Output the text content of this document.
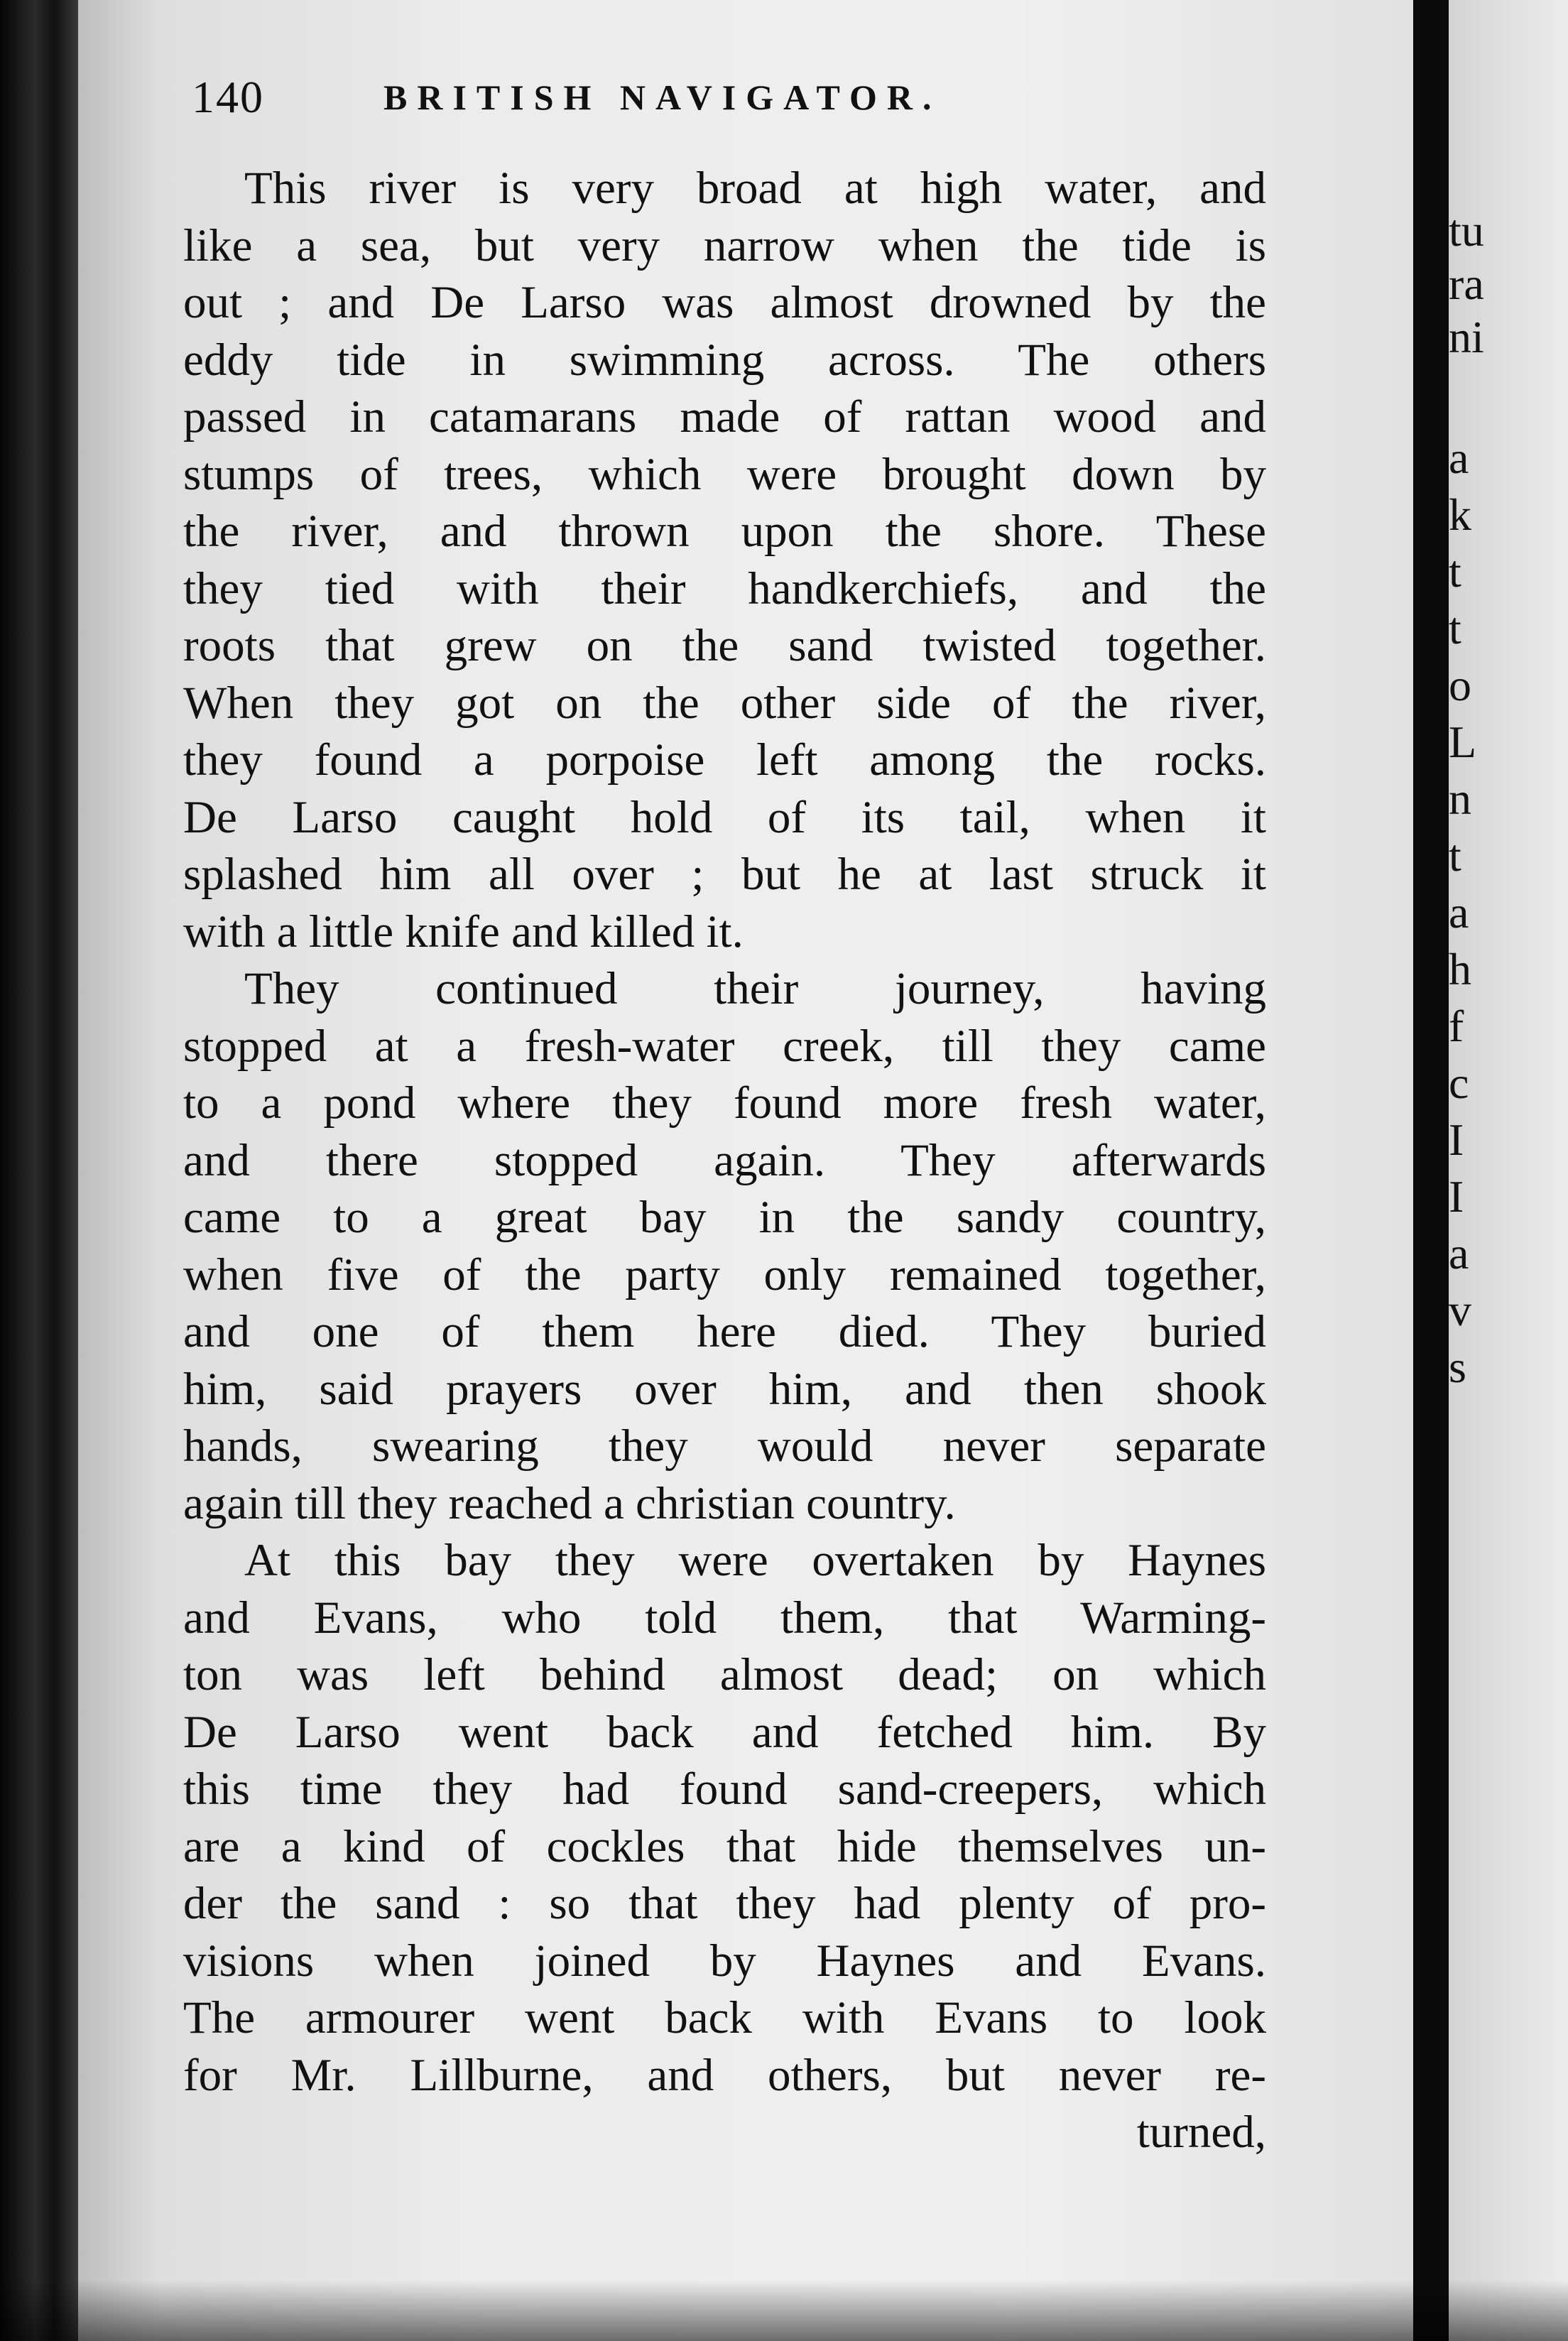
140	BRITISH NAVIGATOR.
This river is very broad at high water, and
like a sea, but very narrow when the tide is
out ; and De Larso was almost drowned by the
eddy tide in swimming across. The others
passed in catamarans made of rattan wood and
stumps of trees, which were brought down by
the river, and thrown upon the shore. These
they tied with their handkerchiefs, and the
roots that grew on the sand twisted together.
When they got on the other side of the river,
they found a porpoise left among the rocks.
De Larso caught hold of its tail, when it
splashed him all over ; but he at last struck it
with a little knife and killed it.
They continued their journey, having
stopped at a fresh-water creek, till they came
to a pond where they found more fresh water,
and there stopped again. They afterwards
came to a great bay in the sandy country,
when five of the party only remained together,
and one of them here died. They buried
him, said prayers over him, and then shook
hands, swearing they would never separate
again till they reached a christian country.
At this bay they were overtaken by Haynes
and Evans, who told them, that Warming-
ton was left behind almost dead; on which
De Larso went back and fetched him. By
this time they had found sand-creepers, which
are a kind of cockles that hide themselves un-
der the sand : so that they had plenty of pro-
visions when joined by Haynes and Evans.
The armourer went back with Evans to look
for Mr. Lillburne, and others, but never re-
turned,
tu
ra
ni
a
k
t
t
o
L
n
t
a
h
f
c
I
I
a
v
s
